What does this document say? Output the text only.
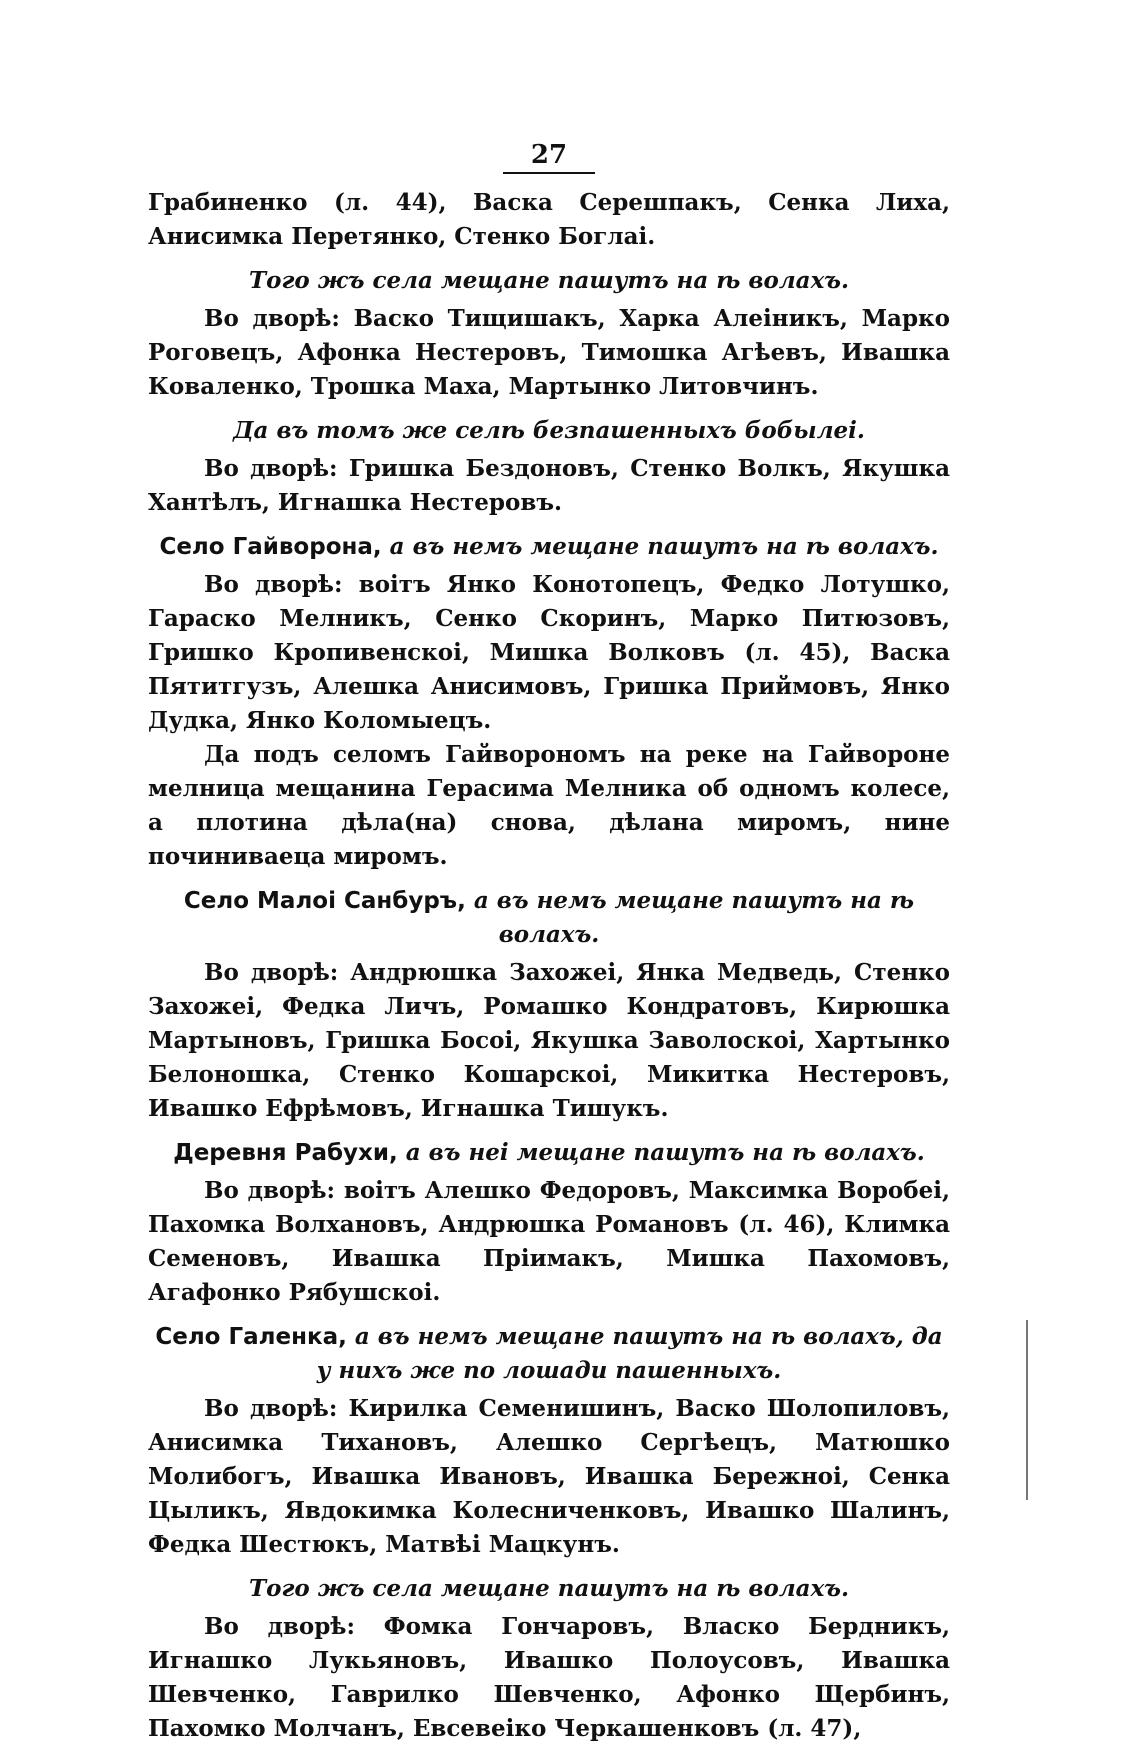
27

Грабиненко (л. 44), Васка Серешпакъ, Сенка Лиха, Анисимка Перетянко, Стенко Боглаi.

Того жъ села мещане пашутъ на ѣ волахъ.

Во дворѣ: Васко Тищишакъ, Харка Алеiникъ, Марко Роговецъ, Афонка Нестеровъ, Тимошка Агѣевъ, Ивашка Коваленко, Трошка Маха, Мартынко Литовчинъ.

Да въ томъ же селѣ безпашенныхъ бобылеi.

Во дворѣ: Гришка Бездоновъ, Стенко Волкъ, Якушка Хантѣлъ, Игнашка Нестеровъ.

Село Гайворона, а въ немъ мещане пашутъ на ѣ волахъ.

Во дворѣ: воiтъ Янко Конотопецъ, Федко Лотушко, Гараско Мелникъ, Сенко Скоринъ, Марко Питюзовъ, Гришко Кропивенскоi, Мишка Волковъ (л. 45), Васка Пятитгузъ, Алешка Анисимовъ, Гришка Приймовъ, Янко Дудка, Янко Коломыецъ.

Да подъ селомъ Гайворономъ на реке на Гайвороне мелница мещанина Герасима Мелника об одномъ колесе, а плотина дѣла(на) снова, дѣлана миромъ, нине починиваеца миромъ.

Село Малоi Санбуръ, а въ немъ мещане пашутъ на ѣ волахъ.

Во дворѣ: Андрюшка Захожеi, Янка Медведь, Стенко Захожеi, Федка Личъ, Ромашко Кондратовъ, Кирюшка Мартыновъ, Гришка Босоi, Якушка Заволоскоi, Хартынко Белоношка, Стенко Кошарскоi, Микитка Нестеровъ, Ивашко Ефрѣмовъ, Игнашка Тишукъ.

Деревня Рабухи, а въ неi мещане пашутъ на ѣ волахъ.

Во дворѣ: воiтъ Алешко Федоровъ, Максимка Воробеi, Пахомка Волхановъ, Андрюшка Романовъ (л. 46), Климка Семеновъ, Ивашка Прiимакъ, Мишка Пахомовъ, Агафонко Рябушскоi.

Село Галенка, а въ немъ мещане пашутъ на ѣ волахъ, да у нихъ же по лошади пашенныхъ.

Во дворѣ: Кирилка Семенишинъ, Васко Шолопиловъ, Анисимка Тихановъ, Алешко Сергѣецъ, Матюшко Молибогъ, Ивашка Ивановъ, Ивашка Бережноi, Сенка Цыликъ, Явдокимка Колесниченковъ, Ивашко Шалинъ, Федка Шестюкъ, Матвѣi Мацкунъ.

Того жъ села мещане пашутъ на ѣ волахъ.

Во дворѣ: Фомка Гончаровъ, Власко Бердникъ, Игнашко Лукьяновъ, Ивашко Полоусовъ, Ивашка Шевченко, Гаврилко Шевченко, Афонко Щербинъ, Пахомко Молчанъ, Евсевеiко Черкашенковъ (л. 47),
